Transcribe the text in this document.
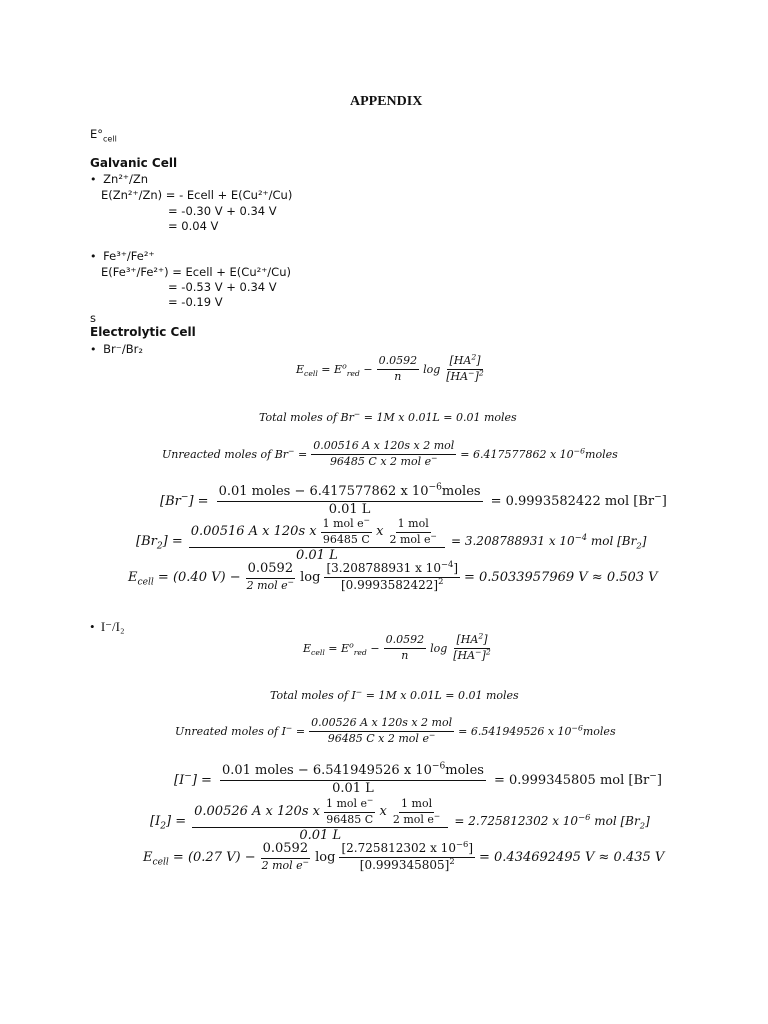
APPENDIX
$E^\circ_{cell}$
Galvanic Cell
• Zn²⁺/Zn
E(Zn²⁺/Zn) = - Ecell + E(Cu²⁺/Cu)
= -0.30 V + 0.34 V
= 0.04 V
• Fe³⁺/Fe²⁺
E(Fe³⁺/Fe²⁺) = Ecell + E(Cu²⁺/Cu)
= -0.53 V + 0.34 V
= -0.19 V
s
Electrolytic Cell
• Br⁻/Br₂
$E_{cell} = E^o_{red} - \frac{0.0592}{n}$ $\log \frac{[HA^2]}{[HA^-]^2}$
Total moles of Br− = 1M x 0.01L = 0.01 moles
Unreacted moles of $Br^- = \frac{\text{0.00516 A x 120s x 2 mol}}{96485 C x 2 mol e^-} = 6.417577862$ x $10^{-6}moles$
$[Br^-] = \frac{0.01 moles - 6.417577862 x 10^{-6}moles}{0.01 L} = 0.9993582422$ mol [Br−]
$[Br_2]$ =
0.00516 A x 120s x $\frac{1 mol e^-}{96485 C}$ x $\frac{\text{1 mol}}{2 mol e^-}$
0.01 L
= 3.208788931 x $10^{-4}$ mol $[Br_2]$
$E_{cell} = (0.40$ $V) - \frac{0.0592}{2 mol e^-}$ $\log \frac{[3.208788931 x 10^{-4}]}{[0.9993582422]^2} = 0.5033957969$ V ≈ 0.503 V
• I⁻/I₂
$E_{cell} = E^o_{red} - \frac{0.0592}{n}$ $\log \frac{[HA^2]}{[HA^-]^2}$
Total moles of I− = 1M x 0.01L = 0.01 moles
Unreated moles of $I^- = \frac{\text{0.00526 A x 120s x 2 mol}}{96485 C x 2 mol e^-} = 6.541949526$ x $10^{-6}moles$
$[I^-] = \frac{0.01 moles - 6.541949526 x 10^{-6}moles}{0.01 L} = 0.999345805$ mol [Br−]
$[I_2]$ =
0.00526 A x 120s x $\frac{1 mol e^-}{96485 C}$ x $\frac{\text{1 mol}}{2 mol e^-}$
0.01 L
= 2.725812302 x $10^{-6}$ mol $[Br_2]$
$E_{cell} = (0.27$ $V) - \frac{0.0592}{2 mol e^-}$ $\log \frac{[2.725812302 x 10^{-6}]}{[0.999345805]^2} = 0.434692495$ V ≈ 0.435 V
